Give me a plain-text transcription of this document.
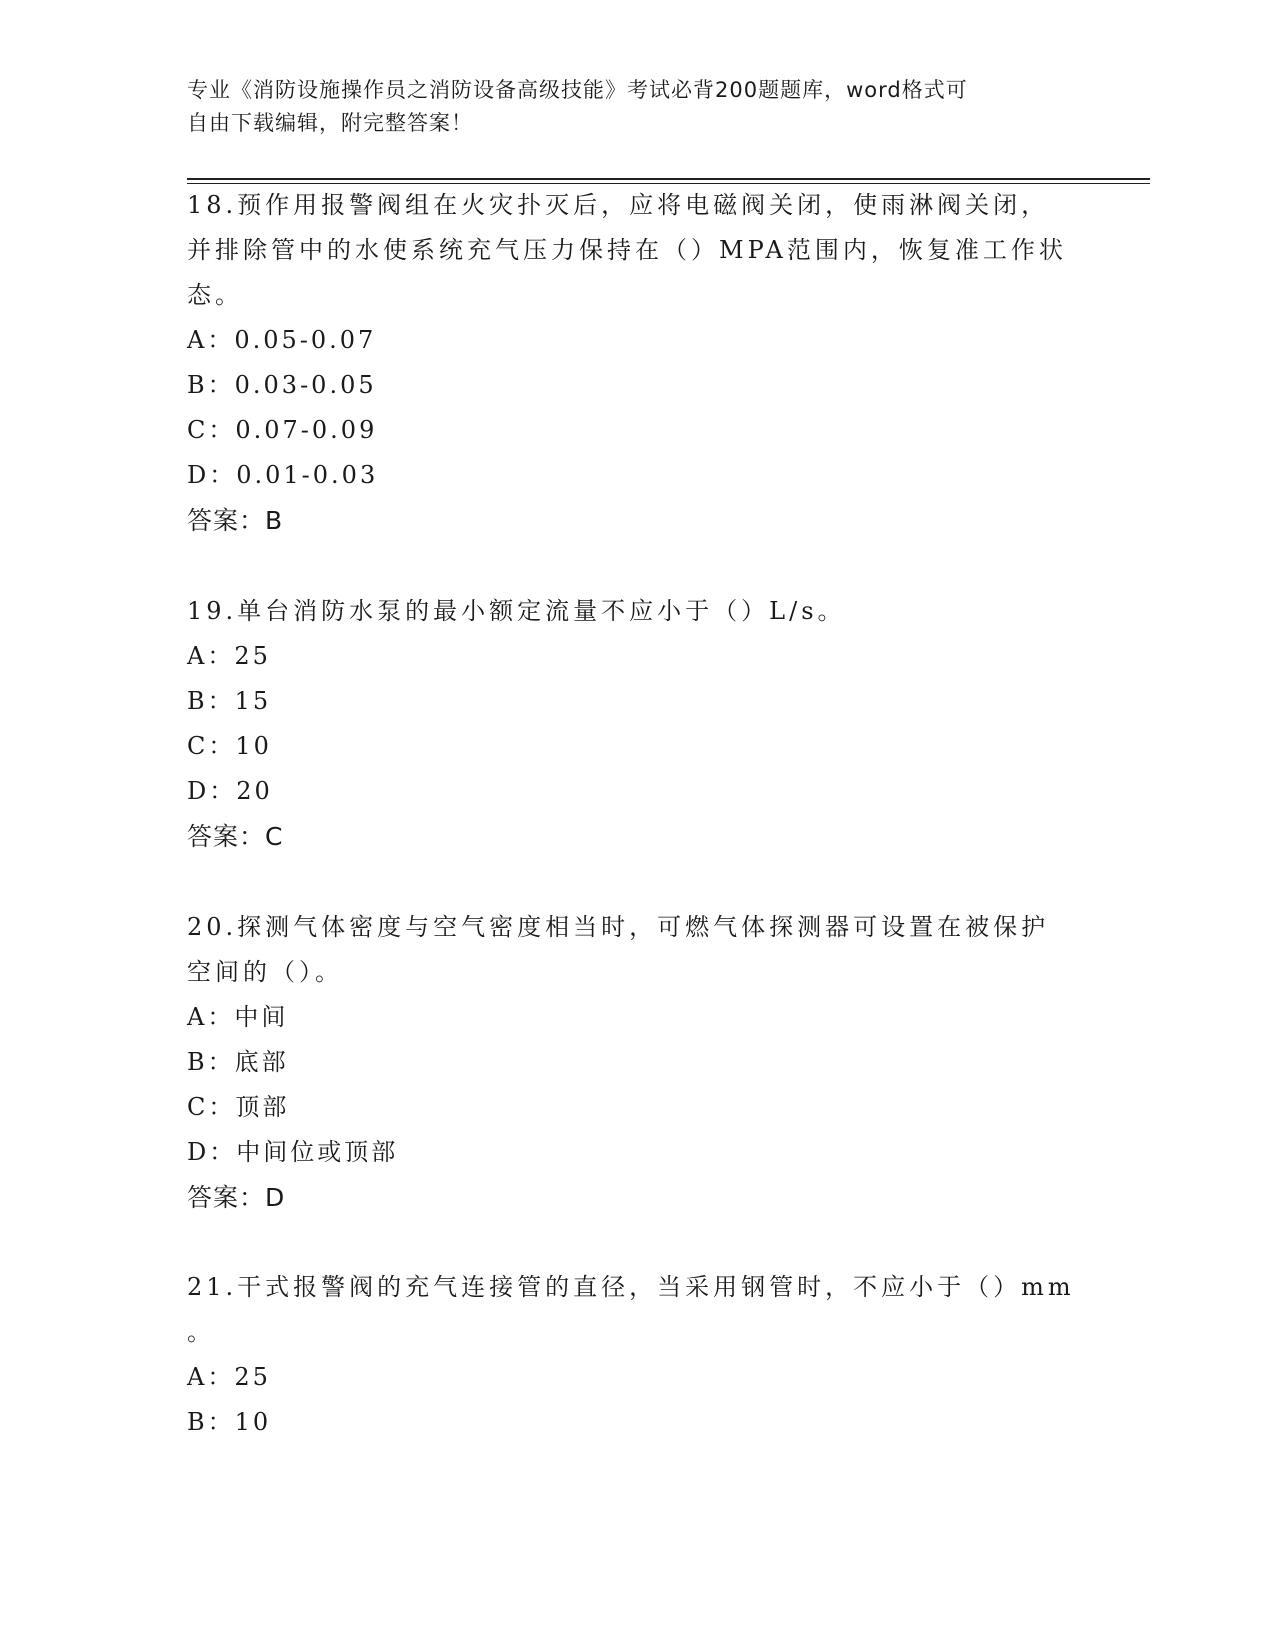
专业《消防设施操作员之消防设备高级技能》考试必背200题题库，word格式可
自由下载编辑，附完整答案！

18.预作用报警阀组在火灾扑灭后，应将电磁阀关闭，使雨淋阀关闭，

并排除管中的水使系统充气压力保持在（）MPA范围内，恢复准工作状

态。

A：0.05-0.07

B：0.03-0.05

C：0.07-0.09

D：0.01-0.03

答案：B

19.单台消防水泵的最小额定流量不应小于（）L/s。

A：25

B：15

C：10

D：20

答案：C

20.探测气体密度与空气密度相当时，可燃气体探测器可设置在被保护

空间的（）。

A：中间

B：底部

C：顶部

D：中间位或顶部

答案：D

21.干式报警阀的充气连接管的直径，当采用钢管时，不应小于（）mm

。

A：25

B：10
